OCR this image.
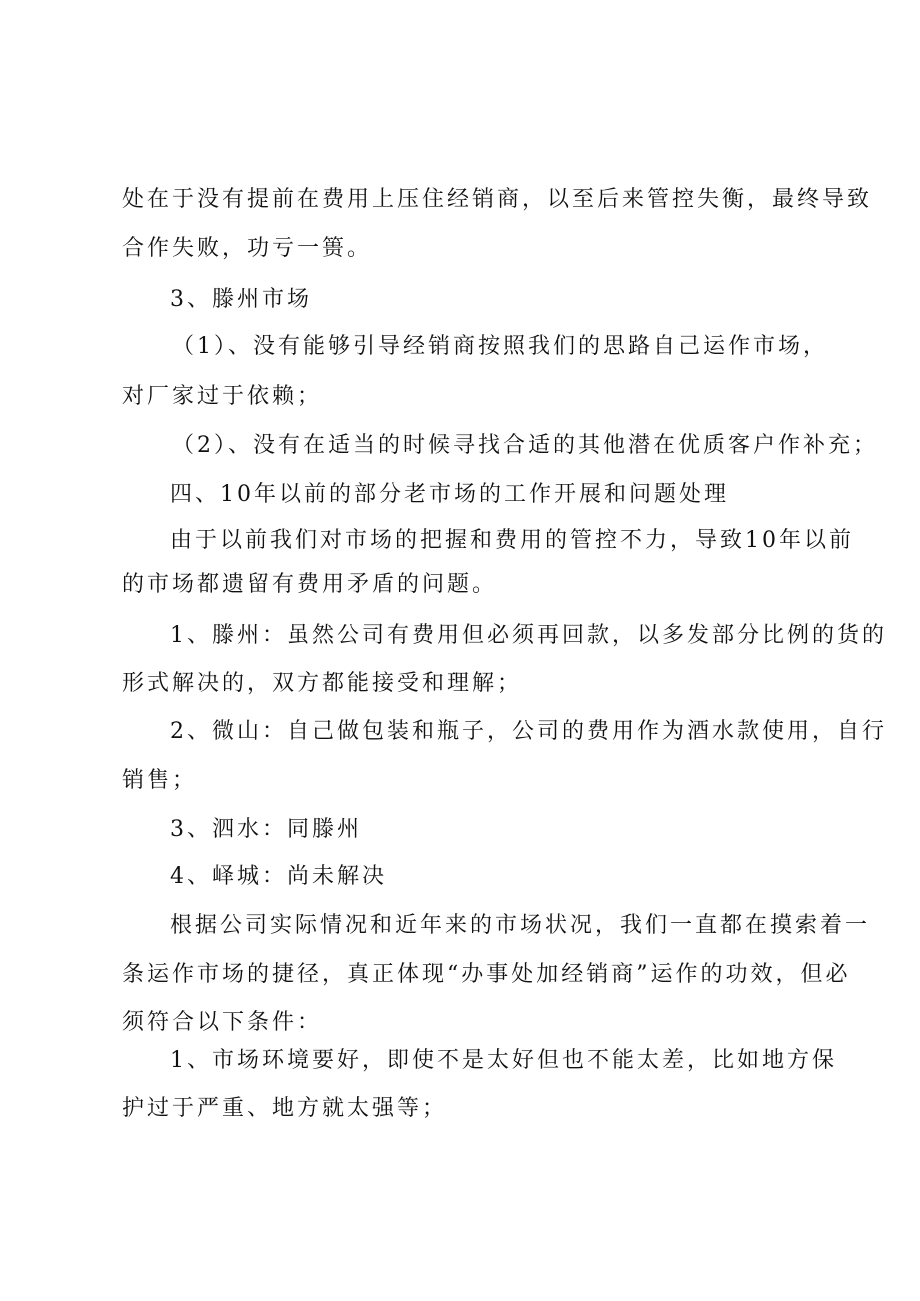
处在于没有提前在费用上压住经销商，以至后来管控失衡，最终导致
合作失败，功亏一篑。
3、滕州市场
（1）、没有能够引导经销商按照我们的思路自己运作市场，
对厂家过于依赖；
（2）、没有在适当的时候寻找合适的其他潜在优质客户作补充；
四、10年以前的部分老市场的工作开展和问题处理
由于以前我们对市场的把握和费用的管控不力，导致10年以前
的市场都遗留有费用矛盾的问题。
1、滕州：虽然公司有费用但必须再回款，以多发部分比例的货的
形式解决的，双方都能接受和理解；
2、微山：自己做包装和瓶子，公司的费用作为酒水款使用，自行
销售；
3、泗水：同滕州
4、峄城：尚未解决
根据公司实际情况和近年来的市场状况，我们一直都在摸索着一
条运作市场的捷径，真正体现“办事处加经销商”运作的功效，但必
须符合以下条件：
1、市场环境要好，即使不是太好但也不能太差，比如地方保
护过于严重、地方就太强等；
